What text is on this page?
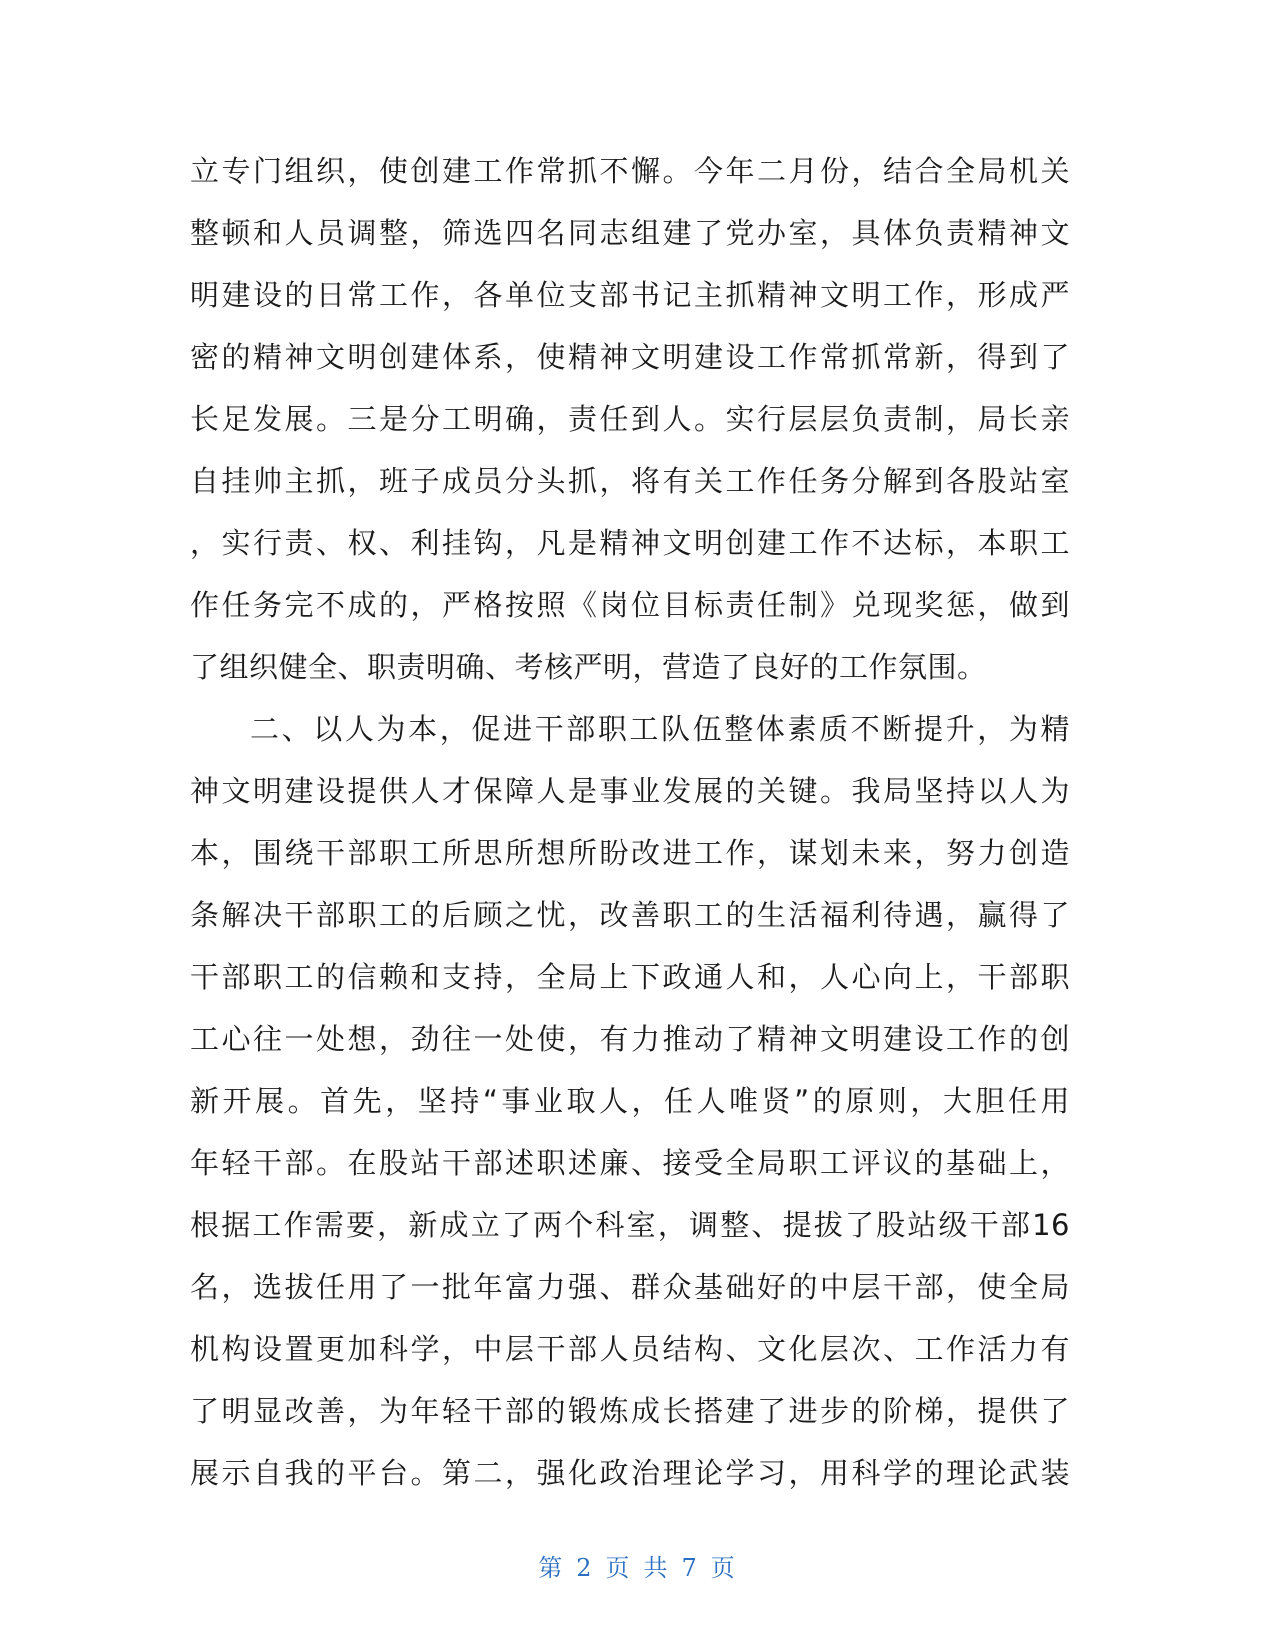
立专门组织，使创建工作常抓不懈。今年二月份，结合全局机关
整顿和人员调整，筛选四名同志组建了党办室，具体负责精神文
明建设的日常工作，各单位支部书记主抓精神文明工作，形成严
密的精神文明创建体系，使精神文明建设工作常抓常新，得到了
长足发展。三是分工明确，责任到人。实行层层负责制，局长亲
自挂帅主抓，班子成员分头抓，将有关工作任务分解到各股站室
，实行责、权、利挂钩，凡是精神文明创建工作不达标，本职工
作任务完不成的，严格按照《岗位目标责任制》兑现奖惩，做到
了组织健全、职责明确、考核严明，营造了良好的工作氛围。
二、以人为本，促进干部职工队伍整体素质不断提升，为精
神文明建设提供人才保障人是事业发展的关键。我局坚持以人为
本，围绕干部职工所思所想所盼改进工作，谋划未来，努力创造
条解决干部职工的后顾之忧，改善职工的生活福利待遇，赢得了
干部职工的信赖和支持，全局上下政通人和，人心向上，干部职
工心往一处想，劲往一处使，有力推动了精神文明建设工作的创
新开展。首先，坚持“事业取人，任人唯贤”的原则，大胆任用
年轻干部。在股站干部述职述廉、接受全局职工评议的基础上，
根据工作需要，新成立了两个科室，调整、提拔了股站级干部16
名，选拔任用了一批年富力强、群众基础好的中层干部，使全局
机构设置更加科学，中层干部人员结构、文化层次、工作活力有
了明显改善，为年轻干部的锻炼成长搭建了进步的阶梯，提供了
展示自我的平台。第二，强化政治理论学习，用科学的理论武装
第 2 页 共 7 页
